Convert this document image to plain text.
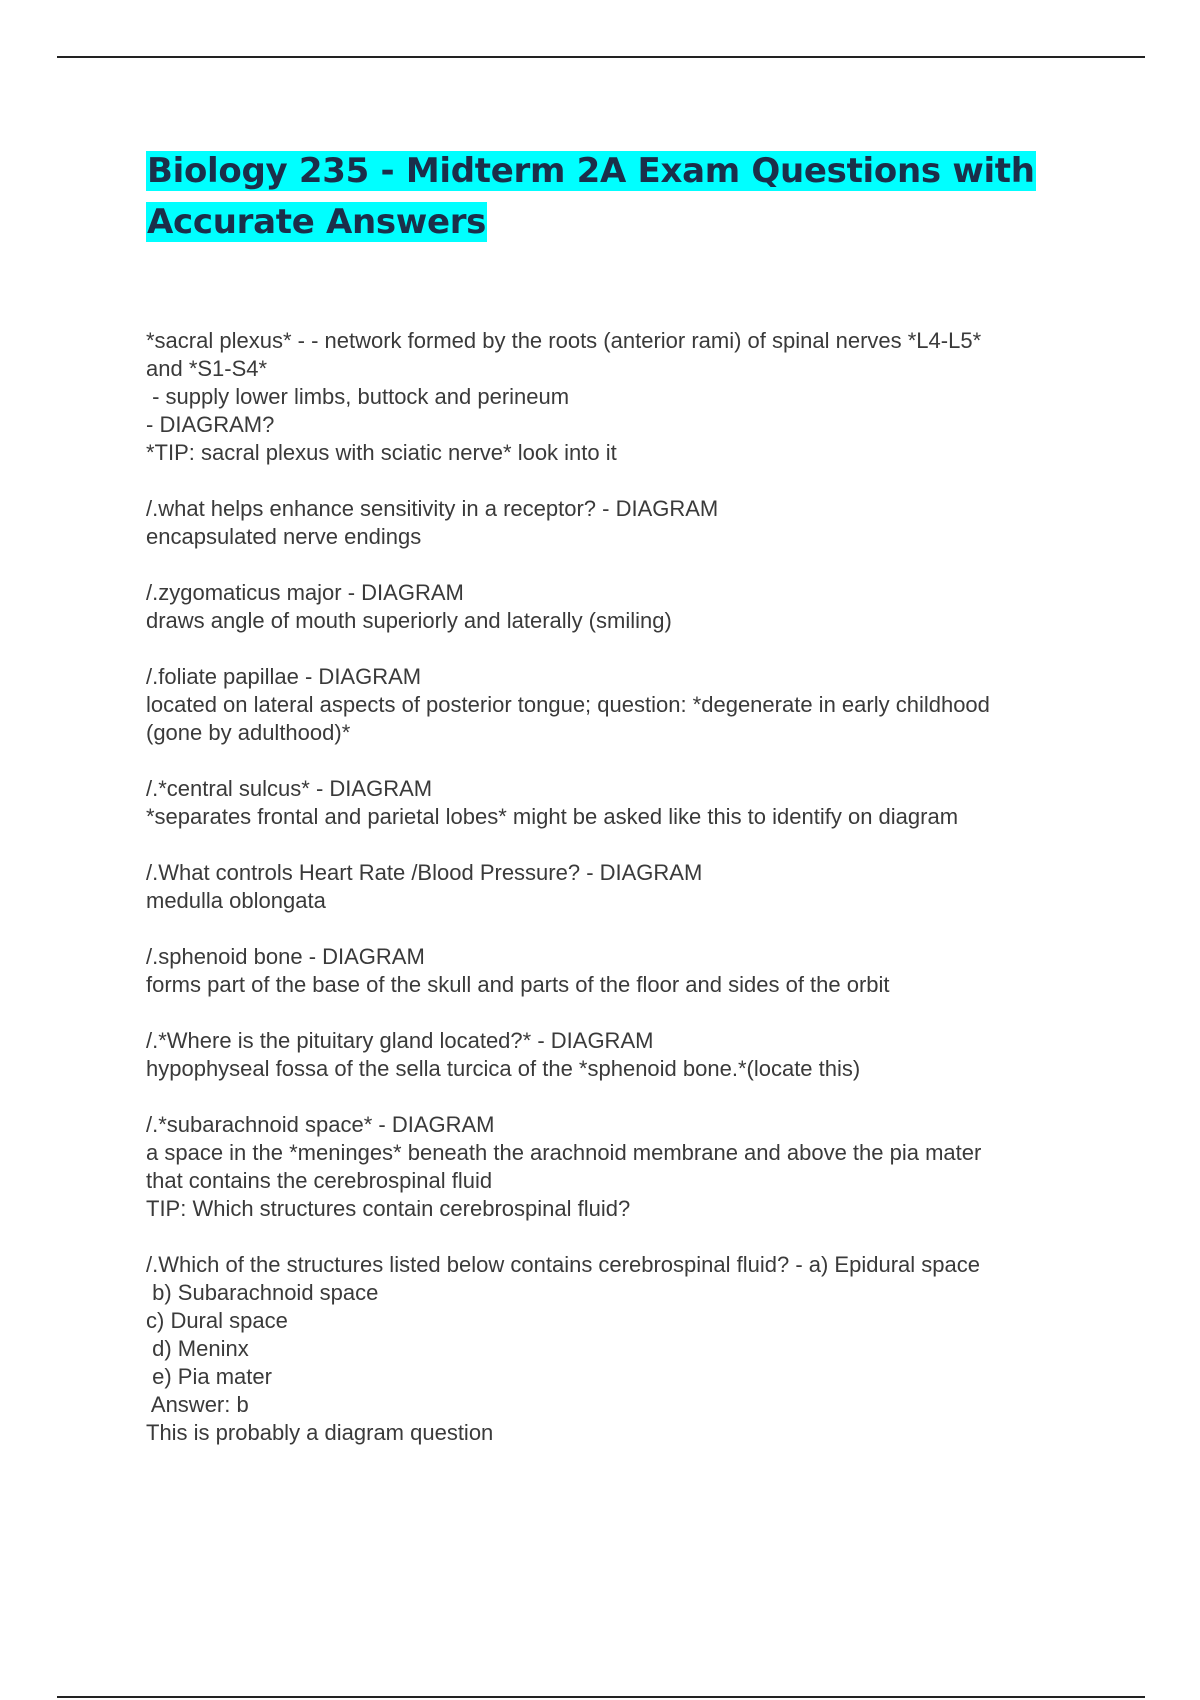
Biology 235 - Midterm 2A Exam Questions with
Accurate Answers
*sacral plexus* - - network formed by the roots (anterior rami) of spinal nerves *L4-L5*
and *S1-S4*
- supply lower limbs, buttock and perineum
- DIAGRAM?
*TIP: sacral plexus with sciatic nerve* look into it
/.what helps enhance sensitivity in a receptor? - DIAGRAM
encapsulated nerve endings
/.zygomaticus major - DIAGRAM
draws angle of mouth superiorly and laterally (smiling)
/.foliate papillae - DIAGRAM
located on lateral aspects of posterior tongue; question: *degenerate in early childhood
(gone by adulthood)*
/.*central sulcus* - DIAGRAM
*separates frontal and parietal lobes* might be asked like this to identify on diagram
/.What controls Heart Rate /Blood Pressure? - DIAGRAM
medulla oblongata
/.sphenoid bone - DIAGRAM
forms part of the base of the skull and parts of the floor and sides of the orbit
/.*Where is the pituitary gland located?* - DIAGRAM
hypophyseal fossa of the sella turcica of the *sphenoid bone.*(locate this)
/.*subarachnoid space* - DIAGRAM
a space in the *meninges* beneath the arachnoid membrane and above the pia mater
that contains the cerebrospinal fluid
TIP: Which structures contain cerebrospinal fluid?
/.Which of the structures listed below contains cerebrospinal fluid? - a) Epidural space
b) Subarachnoid space
c) Dural space
d) Meninx
e) Pia mater
Answer: b
This is probably a diagram question
